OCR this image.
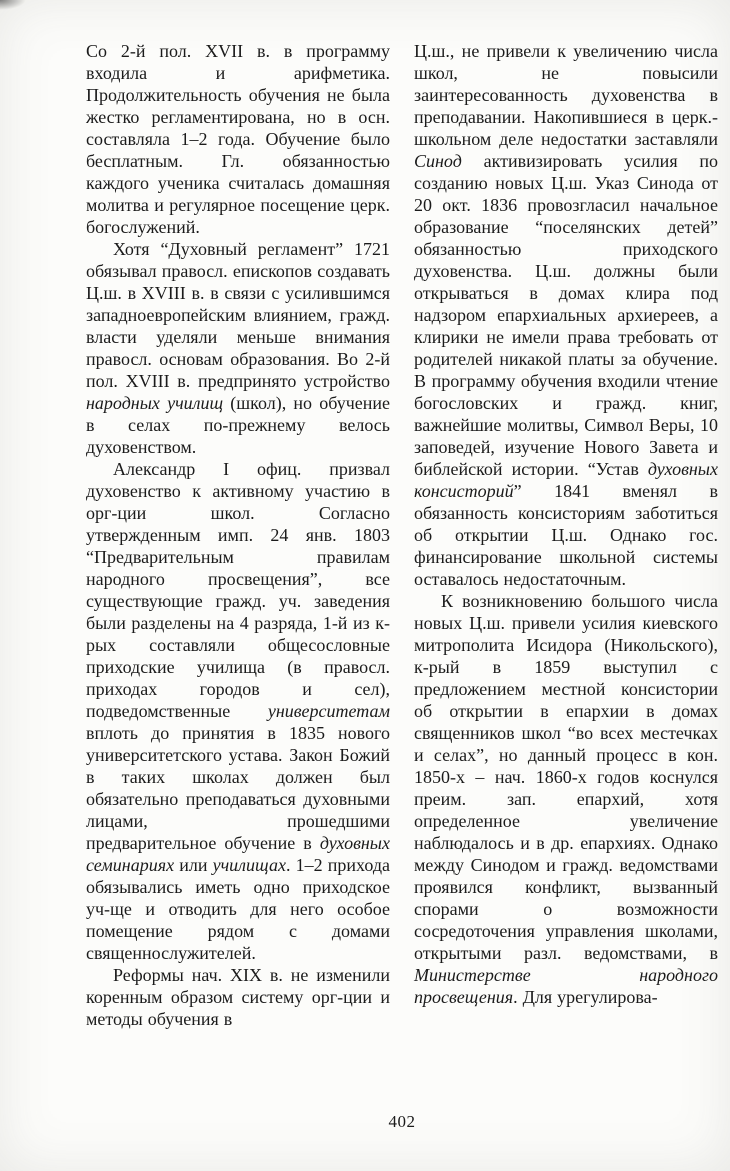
Со 2-й пол. XVII в. в программу входила и арифметика. Продолжительность обучения не была жестко регламентирована, но в осн. составляла 1–2 года. Обучение было бесплатным. Гл. обязанностью каждого ученика считалась домашняя молитва и регулярное посещение церк. богослужений.

Хотя “Духовный регламент” 1721 обязывал правосл. епископов создавать Ц.ш. в XVIII в. в связи с усилившимся западноевропейским влиянием, гражд. власти уделяли меньше внимания правосл. основам образования. Во 2-й пол. XVIII в. предпринято устройство народных училищ (школ), но обучение в селах по-прежнему велось духовенством.

Александр I офиц. призвал духовенство к активному участию в орг-ции школ. Согласно утвержденным имп. 24 янв. 1803 “Предварительным правилам народного просвещения”, все существующие гражд. уч. заведения были разделены на 4 разряда, 1-й из к-рых составляли общесословные приходские училища (в правосл. приходах городов и сел), подведомственные университетам вплоть до принятия в 1835 нового университетского устава. Закон Божий в таких школах должен был обязательно преподаваться духовными лицами, прошедшими предварительное обучение в духовных семинариях или училищах. 1–2 прихода обязывались иметь одно приходское уч-ще и отводить для него особое помещение рядом с домами священнослужителей.

Реформы нач. XIX в. не изменили коренным образом систему орг-ции и методы обучения в

Ц.ш., не привели к увеличению числа школ, не повысили заинтересованность духовенства в преподавании. Накопившиеся в церк.-школьном деле недостатки заставляли Синод активизировать усилия по созданию новых Ц.ш. Указ Синода от 20 окт. 1836 провозгласил начальное образование “поселянских детей” обязанностью приходского духовенства. Ц.ш. должны были открываться в домах клира под надзором епархиальных архиереев, а клирики не имели права требовать от родителей никакой платы за обучение. В программу обучения входили чтение богословских и гражд. книг, важнейшие молитвы, Символ Веры, 10 заповедей, изучение Нового Завета и библейской истории. “Устав духовных консисторий” 1841 вменял в обязанность консисториям заботиться об открытии Ц.ш. Однако гос. финансирование школьной системы оставалось недостаточным.

К возникновению большого числа новых Ц.ш. привели усилия киевского митрополита Исидора (Никольского), к-рый в 1859 выступил с предложением местной консистории об открытии в епархии в домах священников школ “во всех местечках и селах”, но данный процесс в кон. 1850-х – нач. 1860-х годов коснулся преим. зап. епархий, хотя определенное увеличение наблюдалось и в др. епархиях. Однако между Синодом и гражд. ведомствами проявился конфликт, вызванный спорами о возможности сосредоточения управления школами, открытыми разл. ведомствами, в Министерстве народного просвещения. Для урегулирова-

402
